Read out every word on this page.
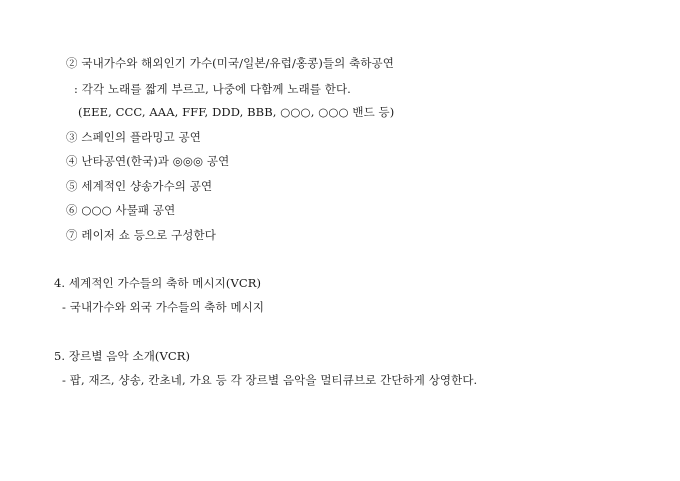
② 국내가수와 해외인기 가수(미국/일본/유럽/홍콩)들의 축하공연
: 각각 노래를 짧게 부르고, 나중에 다함께 노래를 한다.
(EEE, CCC, AAA, FFF, DDD, BBB, ○○○, ○○○ 밴드 등)
③ 스페인의 플라밍고 공연
④ 난타공연(한국)과 ◎◎◎ 공연
⑤ 세계적인 샹송가수의 공연
⑥ ○○○ 사물패 공연
⑦ 레이저 쇼 등으로 구성한다
4. 세계적인 가수들의 축하 메시지(VCR)
- 국내가수와 외국 가수들의 축하 메시지
5. 장르별 음악 소개(VCR)
- 팝, 재즈, 샹송, 칸초네, 가요 등 각 장르별 음악을 멀티큐브로 간단하게 상영한다.
